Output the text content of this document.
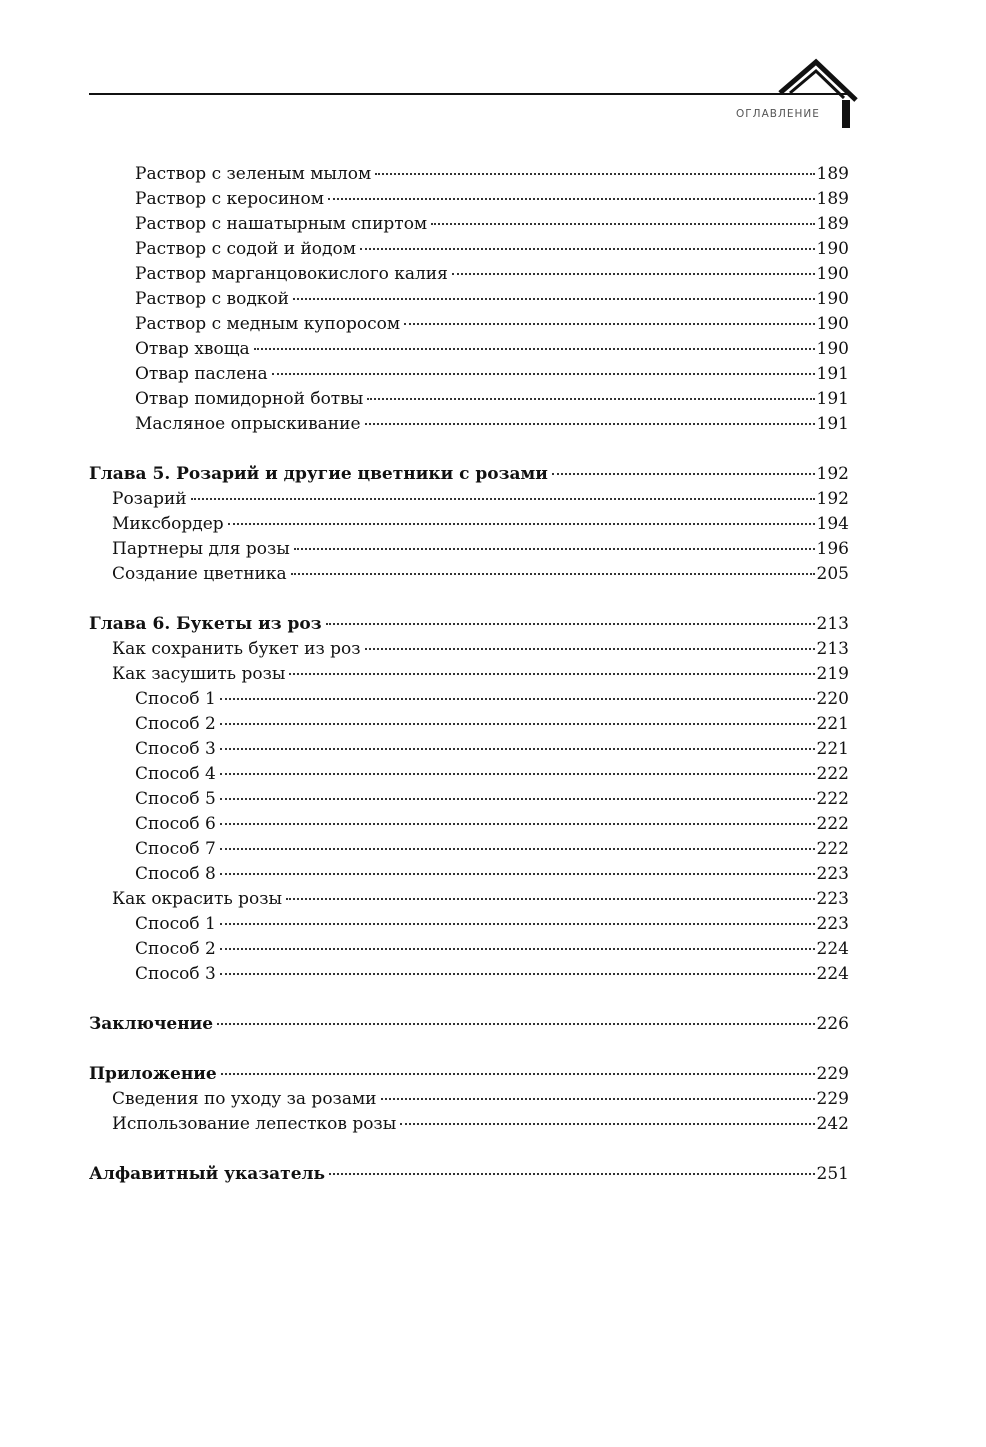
ОГЛАВЛЕНИЕ
Раствор с зеленым мылом	189
Раствор с керосином	189
Раствор с нашатырным спиртом	189
Раствор с содой и йодом	190
Раствор марганцовокислого калия	190
Раствор с водкой	190
Раствор с медным купоросом	190
Отвар хвоща	190
Отвар паслена	191
Отвар помидорной ботвы	191
Масляное опрыскивание	191
Глава 5. Розарий и другие цветники с розами	192
Розарий	192
Миксбордер	194
Партнеры для розы	196
Создание цветника	205
Глава 6. Букеты из роз	213
Как сохранить букет из роз	213
Как засушить розы	219
Способ 1	220
Способ 2	221
Способ 3	221
Способ 4	222
Способ 5	222
Способ 6	222
Способ 7	222
Способ 8	223
Как окрасить розы	223
Способ 1	223
Способ 2	224
Способ 3	224
Заключение	226
Приложение	229
Сведения по уходу за розами	229
Использование лепестков розы	242
Алфавитный указатель	251
